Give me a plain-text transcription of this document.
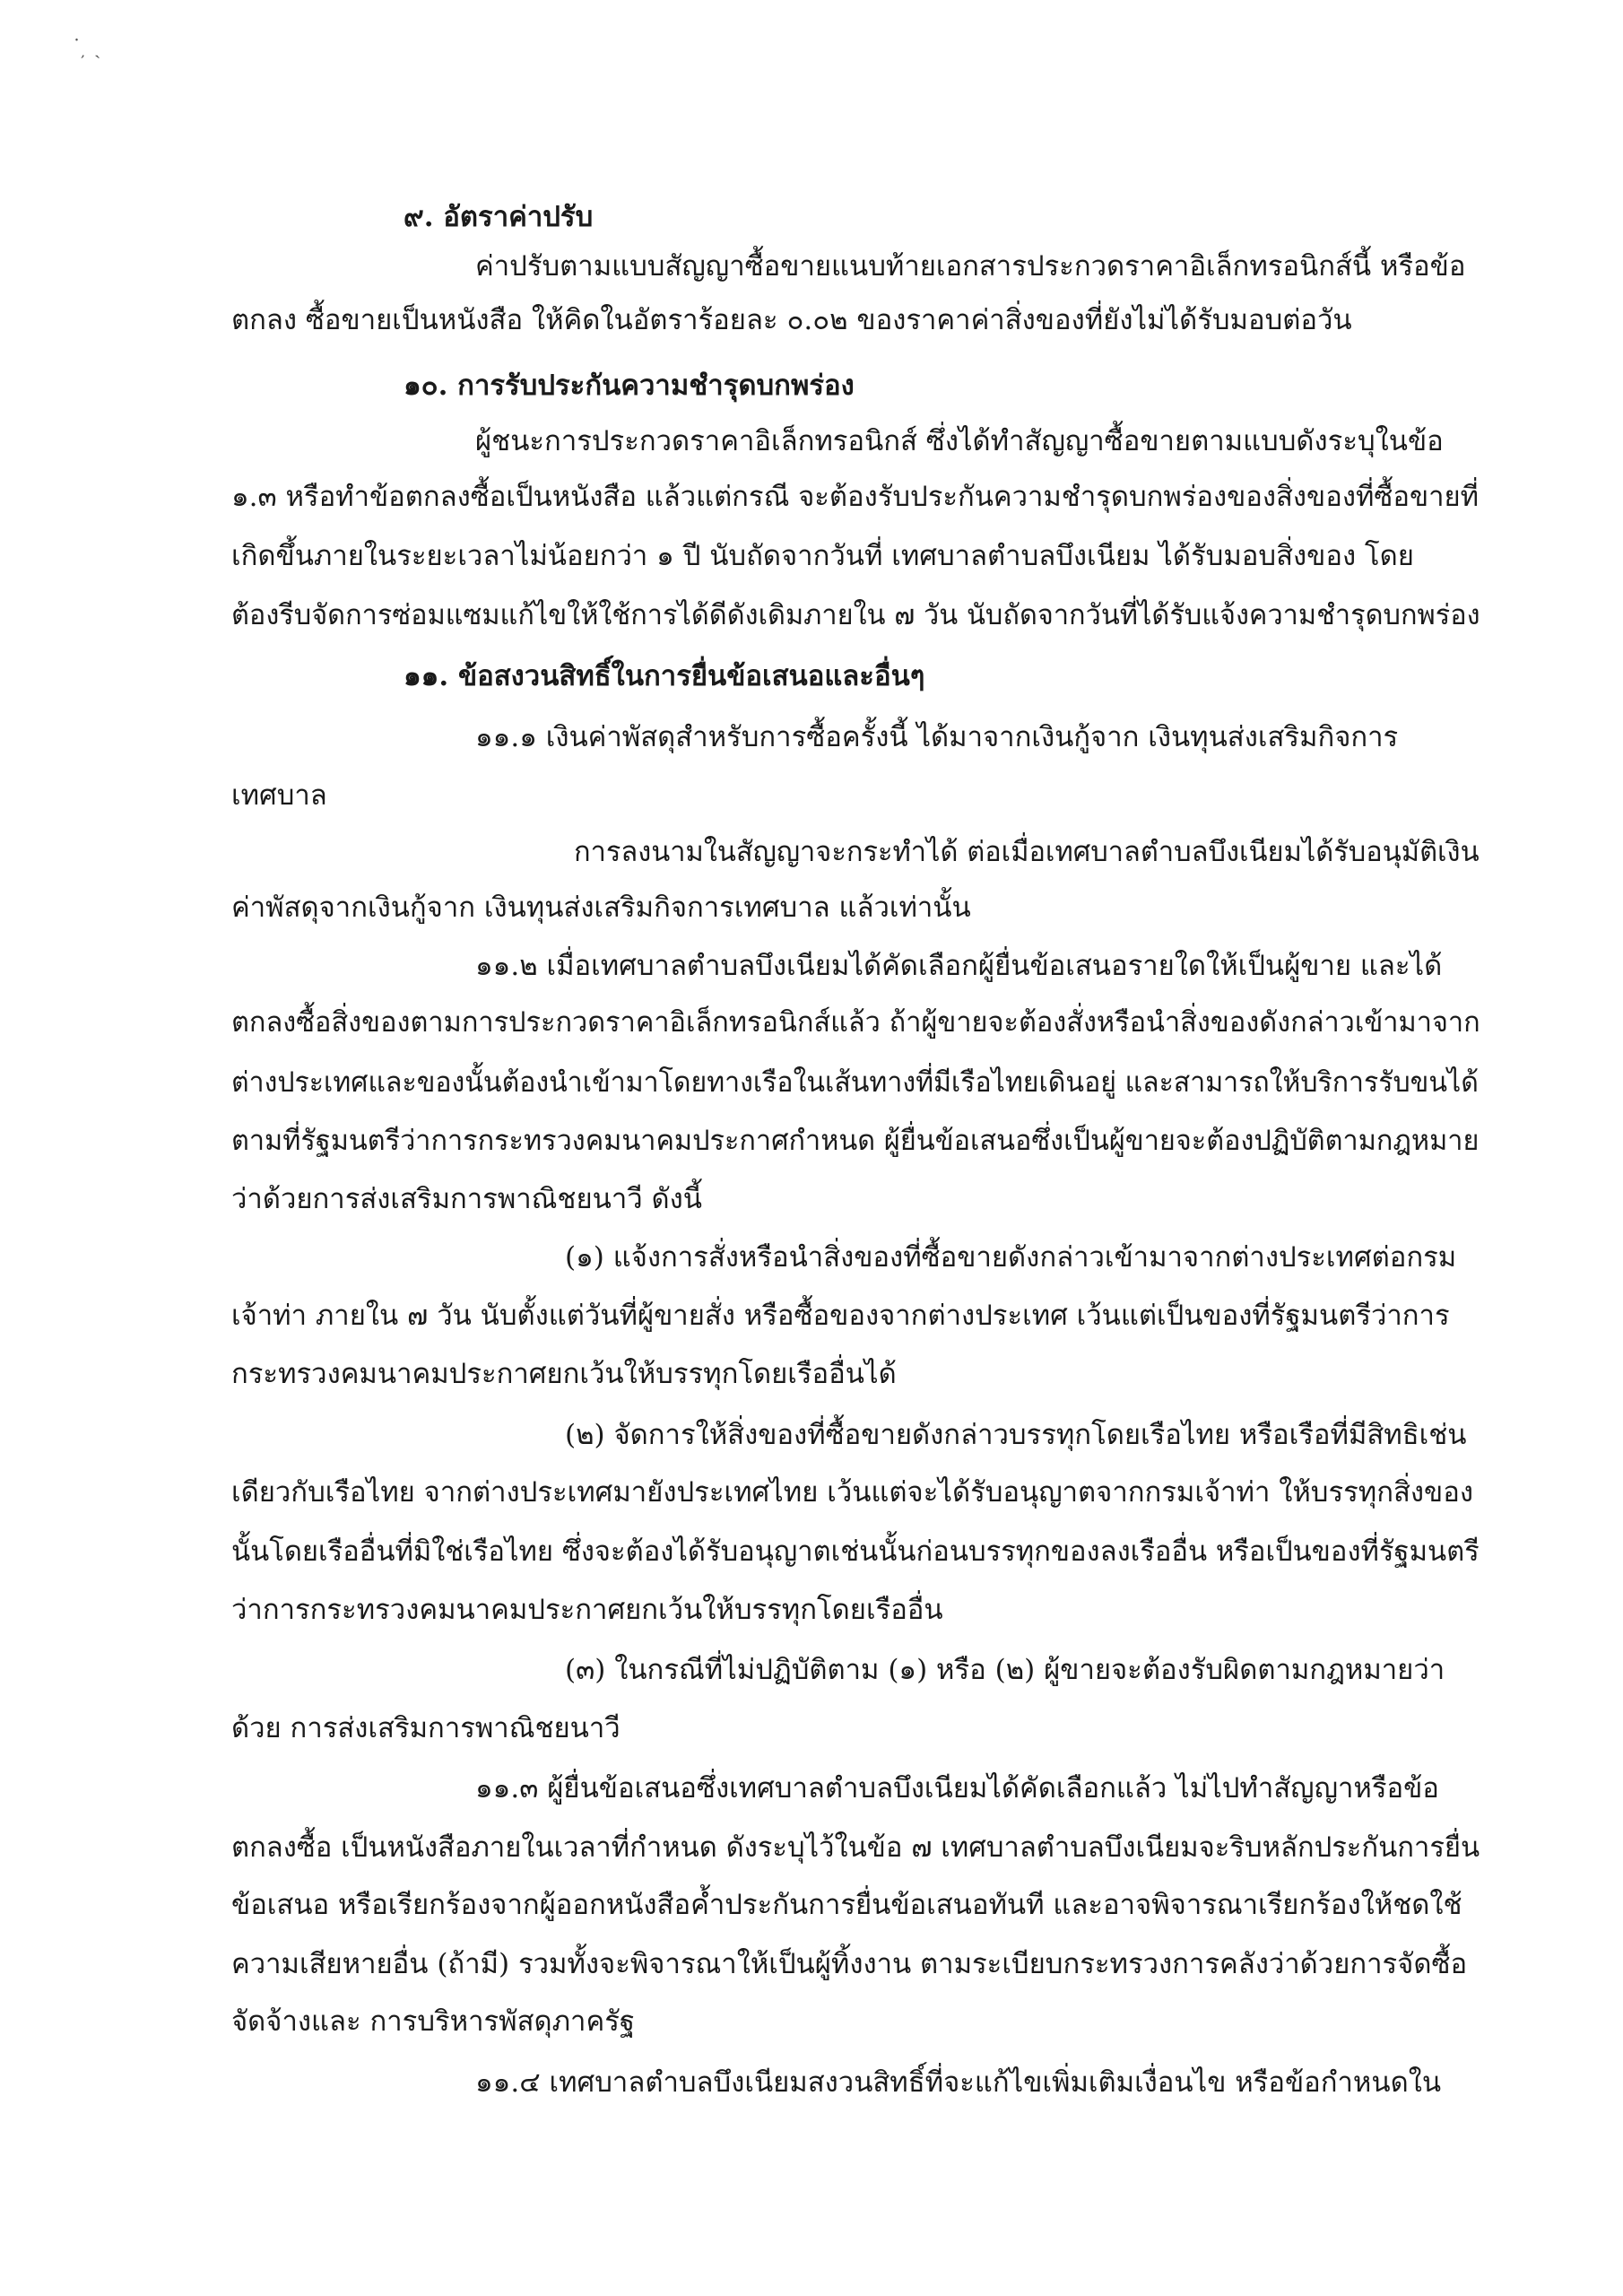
˙ ̦ ˎ
๙. อัตราค่าปรับ
ค่าปรับตามแบบสัญญาซื้อขายแนบท้ายเอกสารประกวดราคาอิเล็กทรอนิกส์นี้ หรือข้อ
ตกลง ซื้อขายเป็นหนังสือ ให้คิดในอัตราร้อยละ ๐.๐๒ ของราคาค่าสิ่งของที่ยังไม่ได้รับมอบต่อวัน
๑๐. การรับประกันความชำรุดบกพร่อง
ผู้ชนะการประกวดราคาอิเล็กทรอนิกส์ ซึ่งได้ทำสัญญาซื้อขายตามแบบดังระบุในข้อ
๑.๓ หรือทำข้อตกลงซื้อเป็นหนังสือ แล้วแต่กรณี จะต้องรับประกันความชำรุดบกพร่องของสิ่งของที่ซื้อขายที่
เกิดขึ้นภายในระยะเวลาไม่น้อยกว่า ๑ ปี นับถัดจากวันที่ เทศบาลตำบลบึงเนียม ได้รับมอบสิ่งของ โดย
ต้องรีบจัดการซ่อมแซมแก้ไขให้ใช้การได้ดีดังเดิมภายใน ๗ วัน นับถัดจากวันที่ได้รับแจ้งความชำรุดบกพร่อง
๑๑. ข้อสงวนสิทธิ์ในการยื่นข้อเสนอและอื่นๆ
๑๑.๑ เงินค่าพัสดุสำหรับการซื้อครั้งนี้ ได้มาจากเงินกู้จาก เงินทุนส่งเสริมกิจการ
เทศบาล
การลงนามในสัญญาจะกระทำได้ ต่อเมื่อเทศบาลตำบลบึงเนียมได้รับอนุมัติเงิน
ค่าพัสดุจากเงินกู้จาก เงินทุนส่งเสริมกิจการเทศบาล แล้วเท่านั้น
๑๑.๒ เมื่อเทศบาลตำบลบึงเนียมได้คัดเลือกผู้ยื่นข้อเสนอรายใดให้เป็นผู้ขาย และได้
ตกลงซื้อสิ่งของตามการประกวดราคาอิเล็กทรอนิกส์แล้ว ถ้าผู้ขายจะต้องสั่งหรือนำสิ่งของดังกล่าวเข้ามาจาก
ต่างประเทศและของนั้นต้องนำเข้ามาโดยทางเรือในเส้นทางที่มีเรือไทยเดินอยู่ และสามารถให้บริการรับขนได้
ตามที่รัฐมนตรีว่าการกระทรวงคมนาคมประกาศกำหนด ผู้ยื่นข้อเสนอซึ่งเป็นผู้ขายจะต้องปฏิบัติตามกฎหมาย
ว่าด้วยการส่งเสริมการพาณิชยนาวี ดังนี้
(๑) แจ้งการสั่งหรือนำสิ่งของที่ซื้อขายดังกล่าวเข้ามาจากต่างประเทศต่อกรม
เจ้าท่า ภายใน ๗ วัน นับตั้งแต่วันที่ผู้ขายสั่ง หรือซื้อของจากต่างประเทศ เว้นแต่เป็นของที่รัฐมนตรีว่าการ
กระทรวงคมนาคมประกาศยกเว้นให้บรรทุกโดยเรืออื่นได้
(๒) จัดการให้สิ่งของที่ซื้อขายดังกล่าวบรรทุกโดยเรือไทย หรือเรือที่มีสิทธิเช่น
เดียวกับเรือไทย จากต่างประเทศมายังประเทศไทย เว้นแต่จะได้รับอนุญาตจากกรมเจ้าท่า ให้บรรทุกสิ่งของ
นั้นโดยเรืออื่นที่มิใช่เรือไทย ซึ่งจะต้องได้รับอนุญาตเช่นนั้นก่อนบรรทุกของลงเรืออื่น หรือเป็นของที่รัฐมนตรี
ว่าการกระทรวงคมนาคมประกาศยกเว้นให้บรรทุกโดยเรืออื่น
(๓) ในกรณีที่ไม่ปฏิบัติตาม (๑) หรือ (๒) ผู้ขายจะต้องรับผิดตามกฎหมายว่า
ด้วย การส่งเสริมการพาณิชยนาวี
๑๑.๓ ผู้ยื่นข้อเสนอซึ่งเทศบาลตำบลบึงเนียมได้คัดเลือกแล้ว ไม่ไปทำสัญญาหรือข้อ
ตกลงซื้อ เป็นหนังสือภายในเวลาที่กำหนด ดังระบุไว้ในข้อ ๗ เทศบาลตำบลบึงเนียมจะริบหลักประกันการยื่น
ข้อเสนอ หรือเรียกร้องจากผู้ออกหนังสือค้ำประกันการยื่นข้อเสนอทันที และอาจพิจารณาเรียกร้องให้ชดใช้
ความเสียหายอื่น (ถ้ามี) รวมทั้งจะพิจารณาให้เป็นผู้ทิ้งงาน ตามระเบียบกระทรวงการคลังว่าด้วยการจัดซื้อ
จัดจ้างและ การบริหารพัสดุภาครัฐ
๑๑.๔ เทศบาลตำบลบึงเนียมสงวนสิทธิ์ที่จะแก้ไขเพิ่มเติมเงื่อนไข หรือข้อกำหนดใน
